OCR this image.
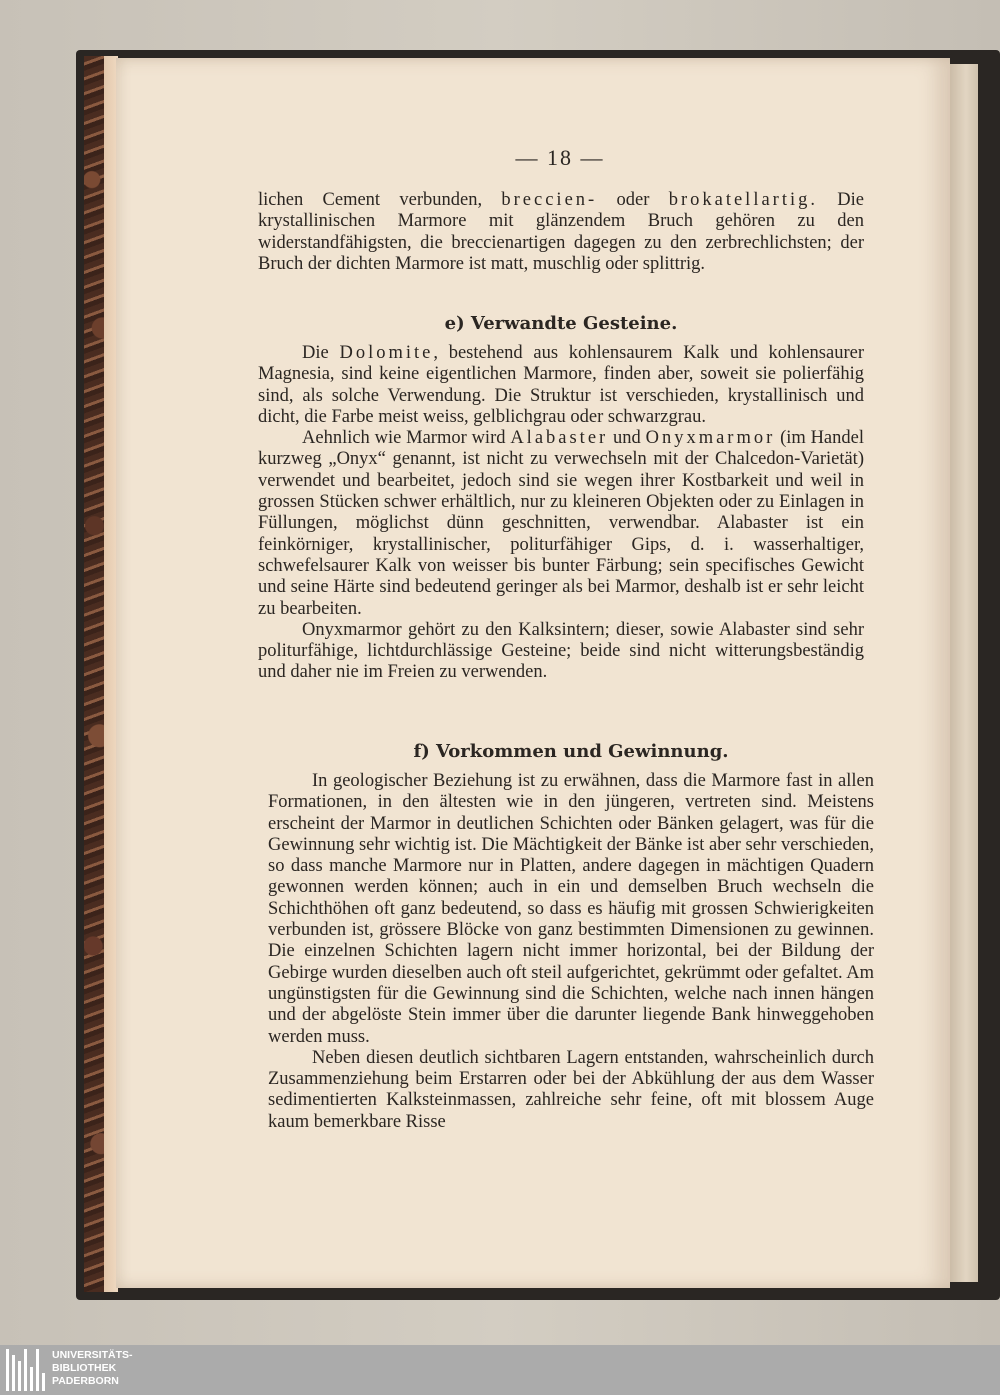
— 18 —

lichen Cement verbunden, breccien- oder brokatellartig. Die krystallinischen Marmore mit glänzendem Bruch gehören zu den widerstandfähigsten, die breccienartigen dagegen zu den zerbrechlichsten; der Bruch der dichten Marmore ist matt, muschlig oder splittrig.

e) Verwandte Gesteine.

Die Dolomite, bestehend aus kohlensaurem Kalk und kohlensaurer Magnesia, sind keine eigentlichen Marmore, finden aber, soweit sie polierfähig sind, als solche Verwendung. Die Struktur ist verschieden, krystallinisch und dicht, die Farbe meist weiss, gelblichgrau oder schwarzgrau.

Aehnlich wie Marmor wird Alabaster und Onyxmarmor (im Handel kurzweg „Onyx“ genannt, ist nicht zu verwechseln mit der Chalcedon-Varietät) verwendet und bearbeitet, jedoch sind sie wegen ihrer Kostbarkeit und weil in grossen Stücken schwer erhältlich, nur zu kleineren Objekten oder zu Einlagen in Füllungen, möglichst dünn geschnitten, verwendbar. Alabaster ist ein feinkörniger, krystallinischer, politurfähiger Gips, d. i. wasserhaltiger, schwefelsaurer Kalk von weisser bis bunter Färbung; sein specifisches Gewicht und seine Härte sind bedeutend geringer als bei Marmor, deshalb ist er sehr leicht zu bearbeiten.

Onyxmarmor gehört zu den Kalksintern; dieser, sowie Alabaster sind sehr politurfähige, lichtdurchlässige Gesteine; beide sind nicht witterungsbeständig und daher nie im Freien zu verwenden.

f) Vorkommen und Gewinnung.

In geologischer Beziehung ist zu erwähnen, dass die Marmore fast in allen Formationen, in den ältesten wie in den jüngeren, vertreten sind. Meistens erscheint der Marmor in deutlichen Schichten oder Bänken gelagert, was für die Gewinnung sehr wichtig ist. Die Mächtigkeit der Bänke ist aber sehr verschieden, so dass manche Marmore nur in Platten, andere dagegen in mächtigen Quadern gewonnen werden können; auch in ein und demselben Bruch wechseln die Schichthöhen oft ganz bedeutend, so dass es häufig mit grossen Schwierigkeiten verbunden ist, grössere Blöcke von ganz bestimmten Dimensionen zu gewinnen. Die einzelnen Schichten lagern nicht immer horizontal, bei der Bildung der Gebirge wurden dieselben auch oft steil aufgerichtet, gekrümmt oder gefaltet. Am ungünstigsten für die Gewinnung sind die Schichten, welche nach innen hängen und der abgelöste Stein immer über die darunter liegende Bank hinweggehoben werden muss.

Neben diesen deutlich sichtbaren Lagern entstanden, wahrscheinlich durch Zusammenziehung beim Erstarren oder bei der Abkühlung der aus dem Wasser sedimentierten Kalksteinmassen, zahlreiche sehr feine, oft mit blossem Auge kaum bemerkbare Risse

UNIVERSITÄTS-
BIBLIOTHEK
PADERBORN
